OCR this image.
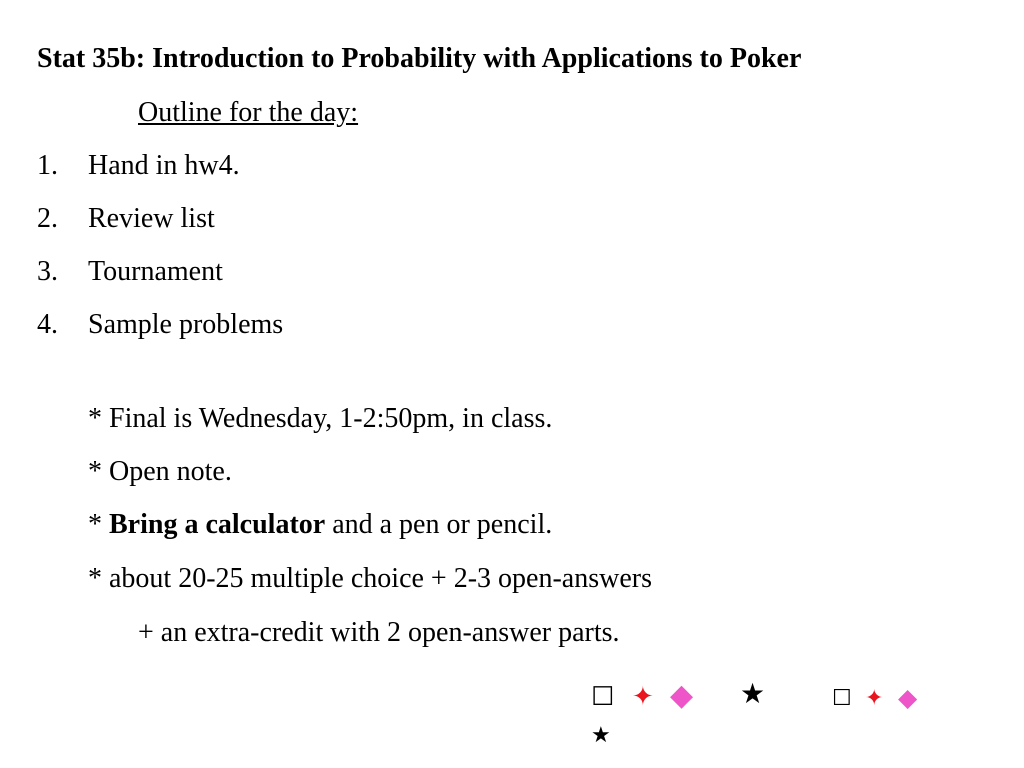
Stat 35b: Introduction to Probability with Applications to Poker
Outline for the day:
1. Hand in hw4.
2. Review list
3. Tournament
4. Sample problems
* Final is Wednesday, 1-2:50pm, in class.
* Open note.
* Bring a calculator and a pen or pencil.
* about 20-25 multiple choice + 2-3 open-answers
+ an extra-credit with 2 open-answer parts.
☐ ✦ ◆ ★	☐ ✦ ◆
★
